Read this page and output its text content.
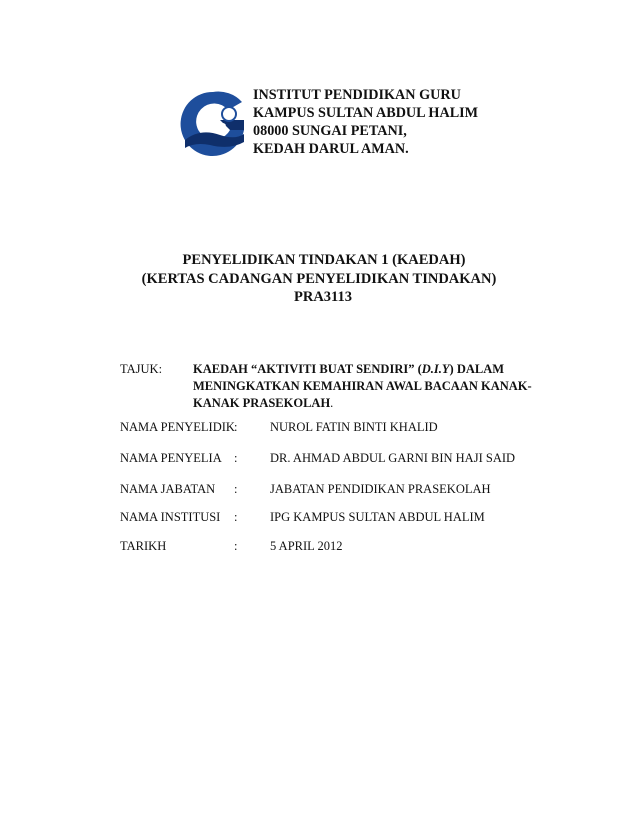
IPG
INSTITUT PENDIDIKAN GURU
KAMPUS SULTAN ABDUL HALIM
08000 SUNGAI PETANI,
KEDAH DARUL AMAN.
PENYELIDIKAN TINDAKAN 1 (KAEDAH)
(KERTAS CADANGAN PENYELIDIKAN TINDAKAN)
PRA3113
TAJUK: KAEDAH “AKTIVITI BUAT SENDIRI” (D.I.Y) DALAM
MENINGKATKAN KEMAHIRAN AWAL BACAAN KANAK-
KANAK PRASEKOLAH.
NAMA PENYELIDIK :	NUROL FATIN BINTI KHALID
NAMA PENYELIA :	DR. AHMAD ABDUL GARNI BIN HAJI SAID
NAMA JABATAN :	JABATAN PENDIDIKAN PRASEKOLAH
NAMA INSTITUSI :	IPG KAMPUS SULTAN ABDUL HALIM
TARIKH	:	5 APRIL 2012
